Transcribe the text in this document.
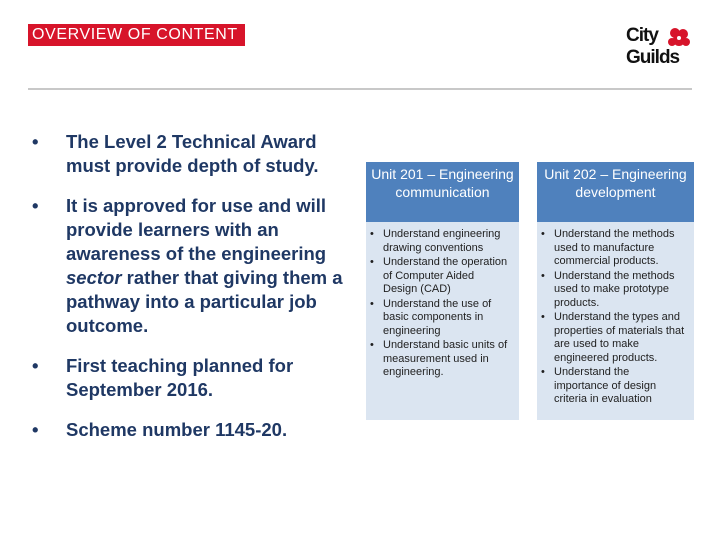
OVERVIEW OF CONTENT	City
Guilds
• The Level 2 Technical Award must provide depth of study.
• It is approved for use and will provide learners with an awareness of the engineering sector rather that giving them a pathway into a particular job outcome.
• First teaching planned for September 2016.
• Scheme number 1145-20.
Unit 201 – Engineering communication
• Understand engineering drawing conventions
• Understand the operation of Computer Aided Design (CAD)
• Understand the use of basic components in engineering
• Understand basic units of measurement used in engineering.
Unit 202 – Engineering development
• Understand the methods used to manufacture commercial products.
• Understand the methods used to make prototype products.
• Understand the types and properties of materials that are used to make engineered products.
• Understand the importance of design criteria in evaluation
